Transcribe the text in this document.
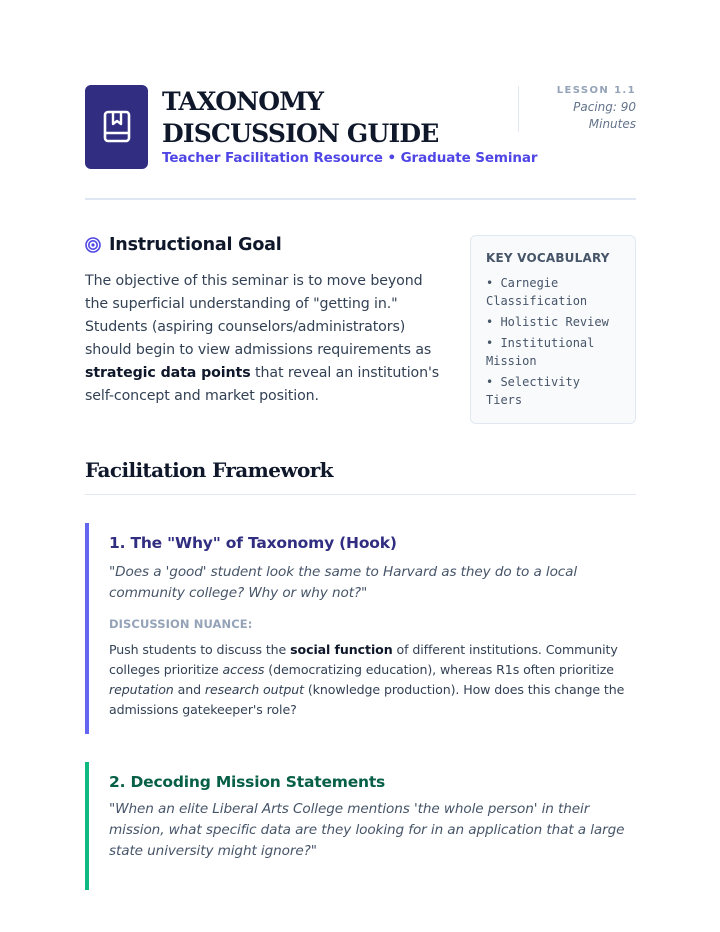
TAXONOMY DISCUSSION GUIDE
Teacher Facilitation Resource • Graduate Seminar
LESSON 1.1
Pacing: 90
Minutes
Instructional Goal
The objective of this seminar is to move beyond the superficial understanding of "getting in." Students (aspiring counselors/administrators) should begin to view admissions requirements as strategic data points that reveal an institution's self-concept and market position.
KEY VOCABULARY
• Carnegie Classification
• Holistic Review
• Institutional Mission
• Selectivity Tiers
Facilitation Framework
1. The "Why" of Taxonomy (Hook)
"Does a 'good' student look the same to Harvard as they do to a local community college? Why or why not?"
DISCUSSION NUANCE:
Push students to discuss the social function of different institutions. Community colleges prioritize access (democratizing education), whereas R1s often prioritize reputation and research output (knowledge production). How does this change the admissions gatekeeper's role?
2. Decoding Mission Statements
"When an elite Liberal Arts College mentions 'the whole person' in their mission, what specific data are they looking for in an application that a large state university might ignore?"
